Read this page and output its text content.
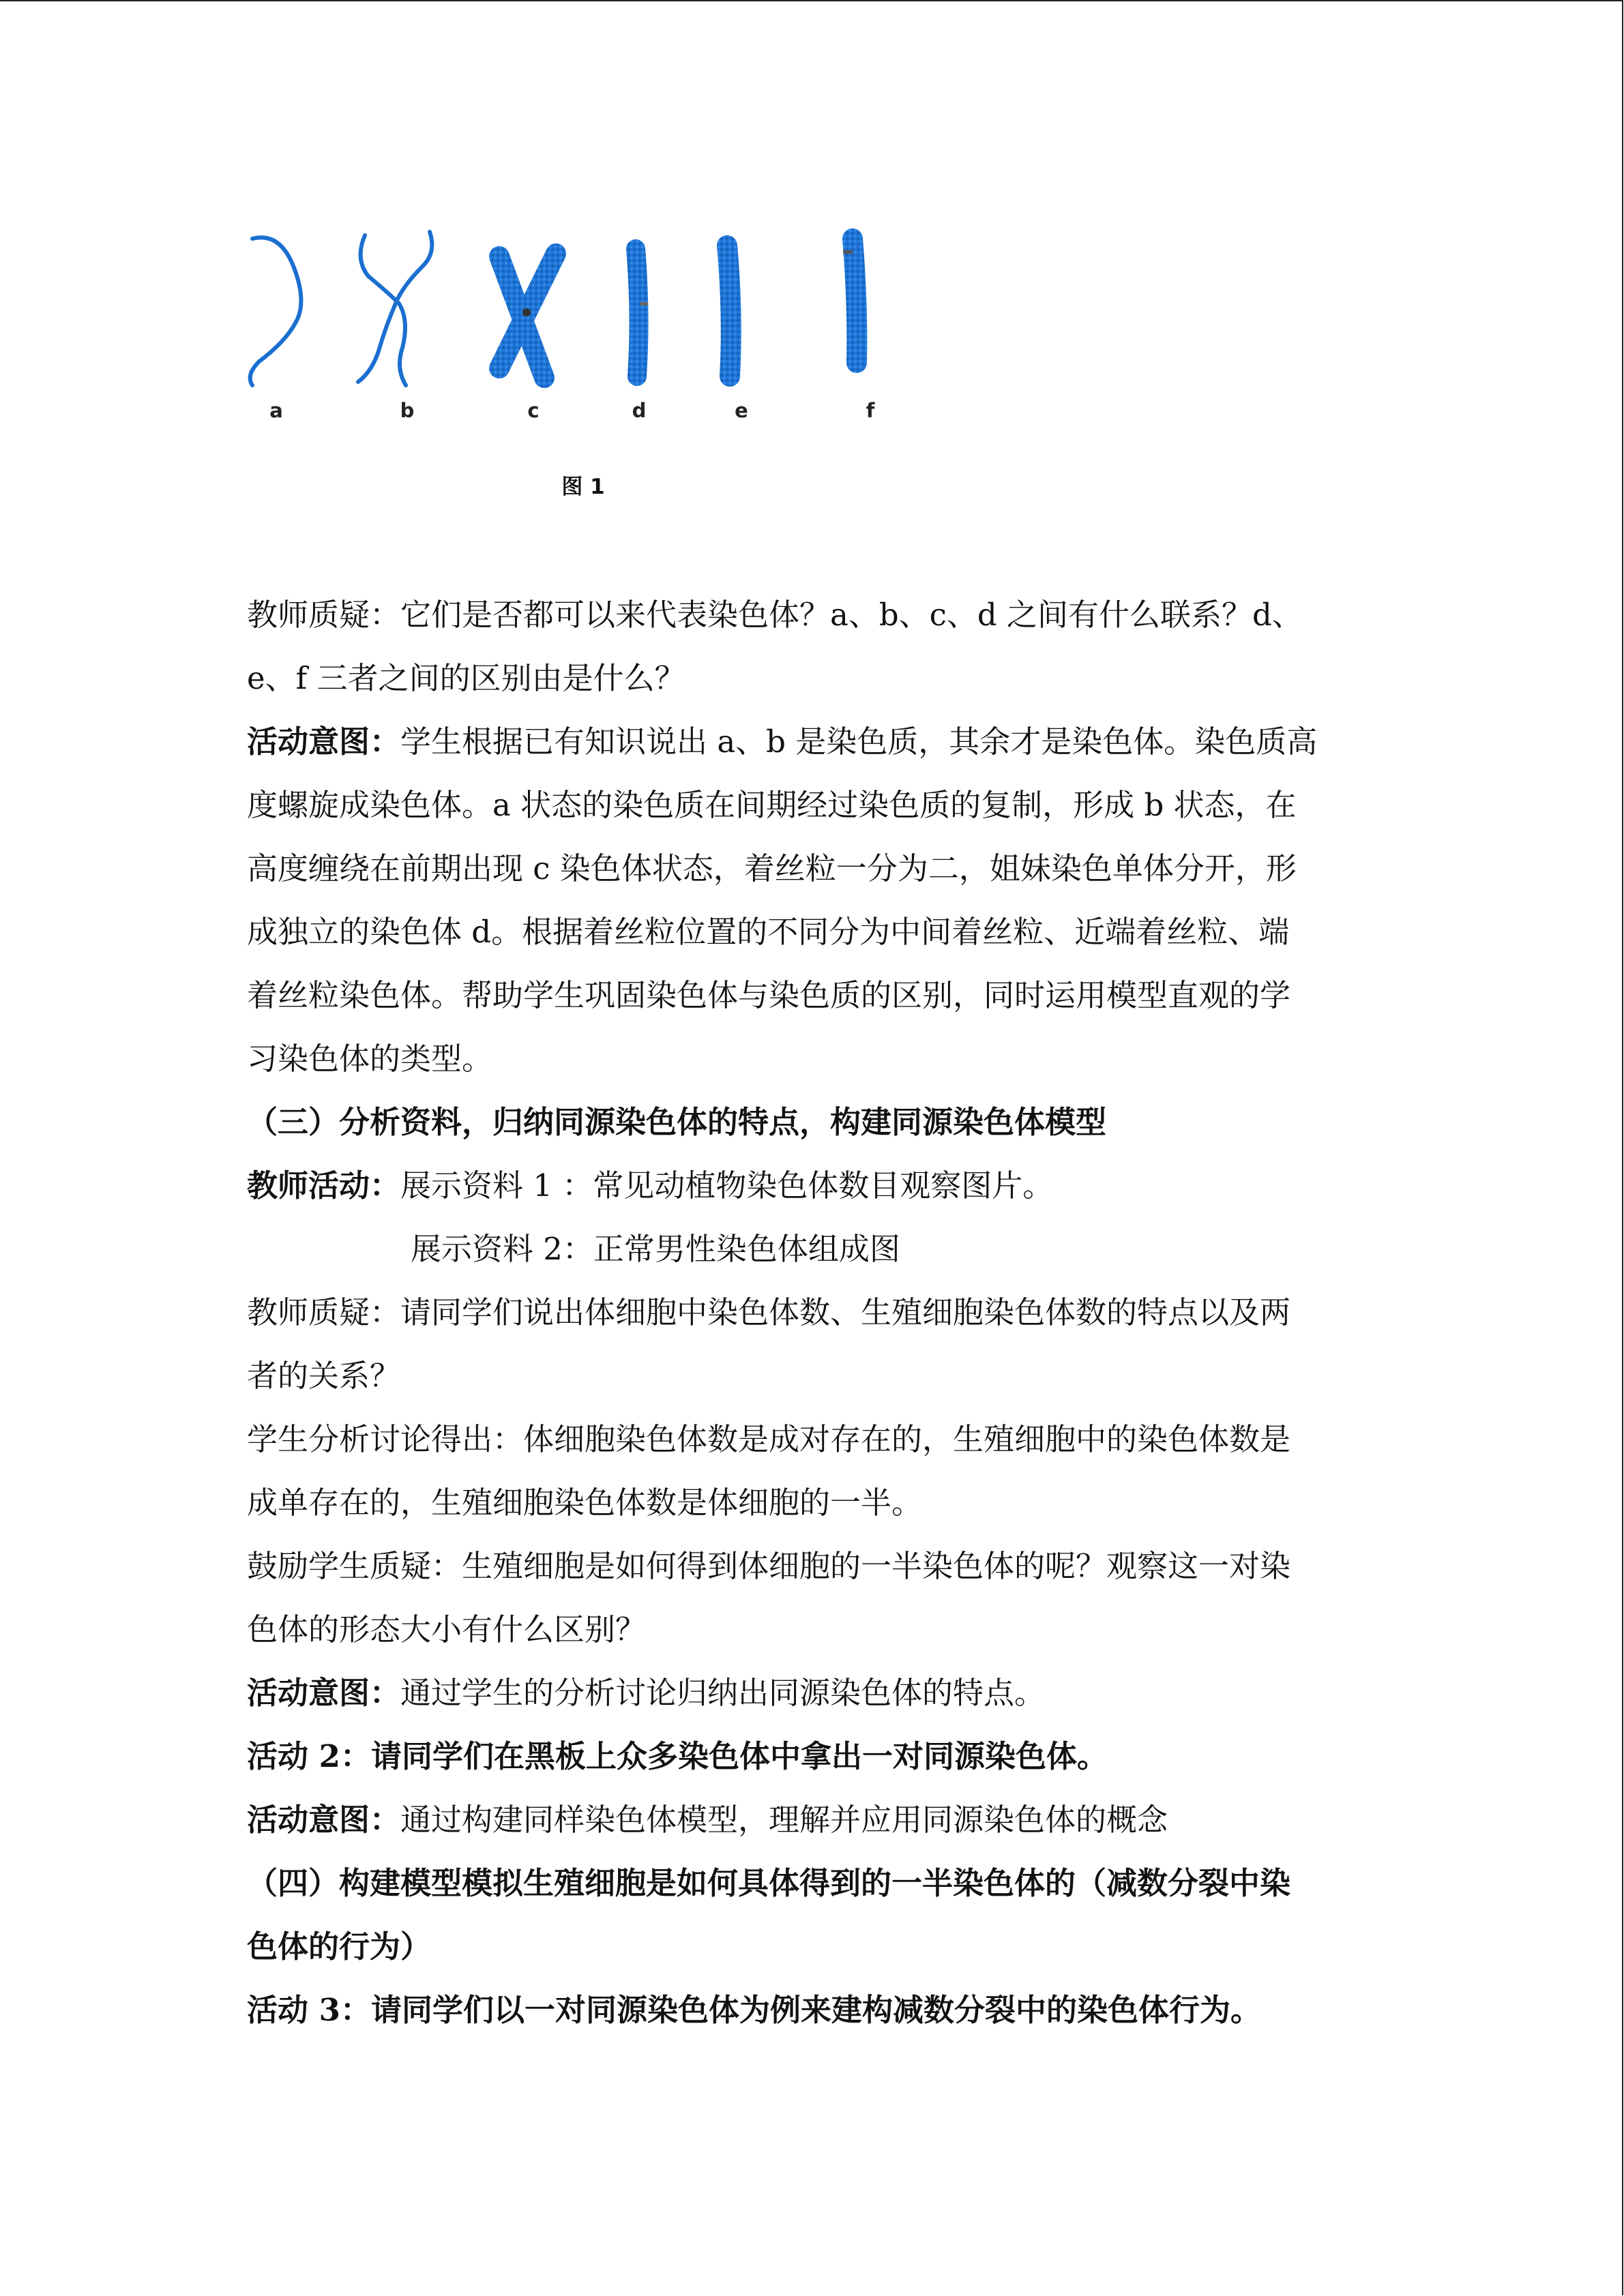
a	b	c	d	e	f
图 1
教师质疑：它们是否都可以来代表染色体？a、b、c、d 之间有什么联系？d、
e、f 三者之间的区别由是什么？
活动意图：学生根据已有知识说出 a、b 是染色质，其余才是染色体。染色质高
度螺旋成染色体。a 状态的染色质在间期经过染色质的复制，形成 b 状态，在
高度缠绕在前期出现 c 染色体状态，着丝粒一分为二，姐妹染色单体分开，形
成独立的染色体 d。根据着丝粒位置的不同分为中间着丝粒、近端着丝粒、端
着丝粒染色体。帮助学生巩固染色体与染色质的区别，同时运用模型直观的学
习染色体的类型。
（三）分析资料，归纳同源染色体的特点，构建同源染色体模型
教师活动：展示资料 1 ：常见动植物染色体数目观察图片。
展示资料 2：正常男性染色体组成图
教师质疑：请同学们说出体细胞中染色体数、生殖细胞染色体数的特点以及两
者的关系？
学生分析讨论得出：体细胞染色体数是成对存在的，生殖细胞中的染色体数是
成单存在的，生殖细胞染色体数是体细胞的一半。
鼓励学生质疑：生殖细胞是如何得到体细胞的一半染色体的呢？观察这一对染
色体的形态大小有什么区别？
活动意图：通过学生的分析讨论归纳出同源染色体的特点。
活动 2：请同学们在黑板上众多染色体中拿出一对同源染色体。
活动意图：通过构建同样染色体模型，理解并应用同源染色体的概念
（四）构建模型模拟生殖细胞是如何具体得到的一半染色体的（减数分裂中染
色体的行为）
活动 3：请同学们以一对同源染色体为例来建构减数分裂中的染色体行为。
